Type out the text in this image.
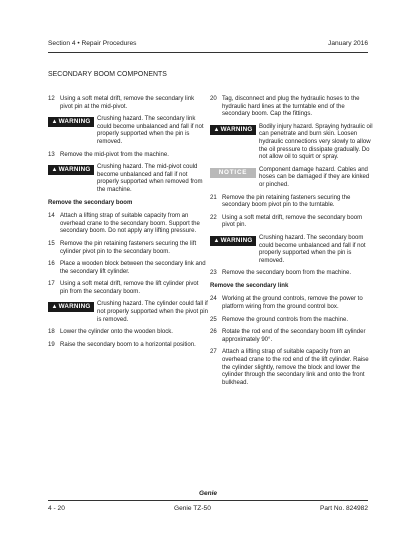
Section 4 • Repair Procedures	January 2016
SECONDARY BOOM COMPONENTS
12 Using a soft metal drift, remove the secondary link pivot pin at the mid-pivot.
▲WARNING	Crushing hazard. The secondary link could become unbalanced and fall if not properly supported when the pin is removed.
13 Remove the mid-pivot from the machine.
▲WARNING	Crushing hazard. The mid-pivot could become unbalanced and fall if not properly supported when removed from the machine.
Remove the secondary boom
14 Attach a lifting strap of suitable capacity from an overhead crane to the secondary boom. Support the secondary boom. Do not apply any lifting pressure.
15 Remove the pin retaining fasteners securing the lift cylinder pivot pin to the secondary boom.
16 Place a wooden block between the secondary link and the secondary lift cylinder.
17 Using a soft metal drift, remove the lift cylinder pivot pin from the secondary boom.
▲WARNING	Crushing hazard. The cylinder could fall if not properly supported when the pivot pin is removed.
18 Lower the cylinder onto the wooden block.
19 Raise the secondary boom to a horizontal position.
20 Tag, disconnect and plug the hydraulic hoses to the hydraulic hard lines at the turntable end of the secondary boom. Cap the fittings.
▲WARNING	Bodily injury hazard. Spraying hydraulic oil can penetrate and burn skin. Loosen hydraulic connections very slowly to allow the oil pressure to dissipate gradually. Do not allow oil to squirt or spray.
NOTICE	Component damage hazard. Cables and hoses can be damaged if they are kinked or pinched.
21 Remove the pin retaining fasteners securing the secondary boom pivot pin to the turntable.
22 Using a soft metal drift, remove the secondary boom pivot pin.
▲WARNING	Crushing hazard. The secondary boom could become unbalanced and fall if not properly supported when the pin is removed.
23 Remove the secondary boom from the machine.
Remove the secondary link
24 Working at the ground controls, remove the power to platform wiring from the ground control box.
25 Remove the ground controls from the machine.
26 Rotate the rod end of the secondary boom lift cylinder approximately 90°.
27 Attach a lifting strap of suitable capacity from an overhead crane to the rod end of the lift cylinder. Raise the cylinder slightly, remove the block and lower the cylinder through the secondary link and onto the front bulkhead.
Genie
4 - 20	Genie TZ-50	Part No. 824982
